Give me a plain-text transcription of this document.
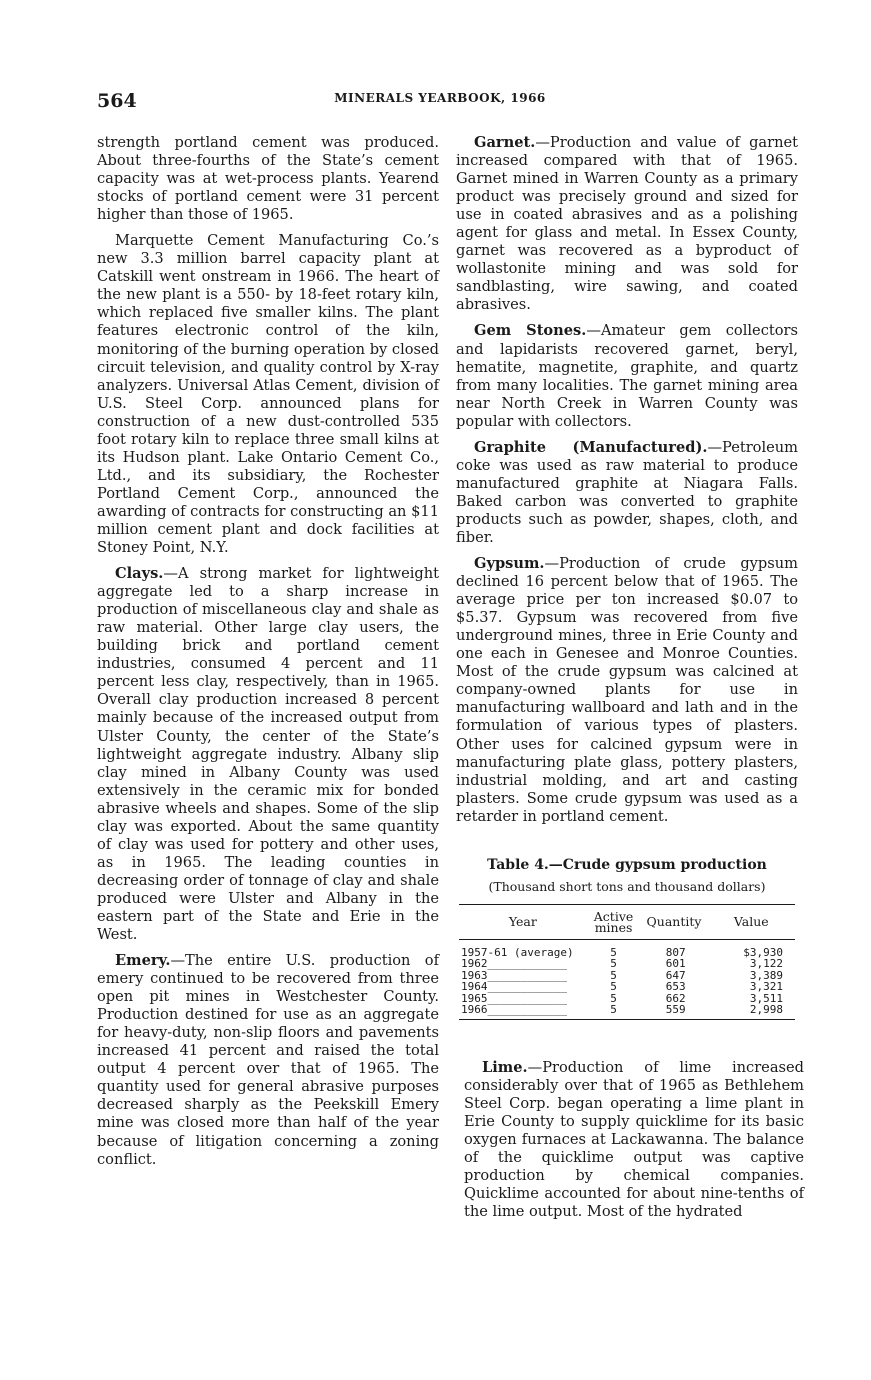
564	MINERALS YEARBOOK, 1966

strength portland cement was produced. About three-fourths of the State’s cement capacity was at wet-process plants. Yearend stocks of portland cement were 31 percent higher than those of 1965.

Marquette Cement Manufacturing Co.’s new 3.3 million barrel capacity plant at Catskill went onstream in 1966. The heart of the new plant is a 550- by 18-feet rotary kiln, which replaced five smaller kilns. The plant features electronic control of the kiln, monitoring of the burning operation by closed circuit television, and quality control by X-ray analyzers. Universal Atlas Cement, division of U.S. Steel Corp. announced plans for construction of a new dust-controlled 535 foot rotary kiln to replace three small kilns at its Hudson plant. Lake Ontario Cement Co., Ltd., and its subsidiary, the Rochester Portland Cement Corp., announced the awarding of contracts for constructing an $11 million cement plant and dock facilities at Stoney Point, N.Y.

Clays.—A strong market for lightweight aggregate led to a sharp increase in production of miscellaneous clay and shale as raw material. Other large clay users, the building brick and portland cement industries, consumed 4 percent and 11 percent less clay, respectively, than in 1965. Overall clay production increased 8 percent mainly because of the increased output from Ulster County, the center of the State’s lightweight aggregate industry. Albany slip clay mined in Albany County was used extensively in the ceramic mix for bonded abrasive wheels and shapes. Some of the slip clay was exported. About the same quantity of clay was used for pottery and other uses, as in 1965. The leading counties in decreasing order of tonnage of clay and shale produced were Ulster and Albany in the eastern part of the State and Erie in the West.

Emery.—The entire U.S. production of emery continued to be recovered from three open pit mines in Westchester County. Production destined for use as an aggregate for heavy-duty, non-slip floors and pavements increased 41 percent and raised the total output 4 percent over that of 1965. The quantity used for general abrasive purposes decreased sharply as the Peekskill Emery mine was closed more than half of the year because of litigation concerning a zoning conflict.

Garnet.—Production and value of garnet increased compared with that of 1965. Garnet mined in Warren County as a primary product was precisely ground and sized for use in coated abrasives and as a polishing agent for glass and metal. In Essex County, garnet was recovered as a byproduct of wollastonite mining and was sold for sandblasting, wire sawing, and coated abrasives.

Gem Stones.—Amateur gem collectors and lapidarists recovered garnet, beryl, hematite, magnetite, graphite, and quartz from many localities. The garnet mining area near North Creek in Warren County was popular with collectors.

Graphite (Manufactured).—Petroleum coke was used as raw material to produce manufactured graphite at Niagara Falls. Baked carbon was converted to graphite products such as powder, shapes, cloth, and fiber.

Gypsum.—Production of crude gypsum declined 16 percent below that of 1965. The average price per ton increased $0.07 to $5.37. Gypsum was recovered from five underground mines, three in Erie County and one each in Genesee and Monroe Counties. Most of the crude gypsum was calcined at company-owned plants for use in manufacturing wallboard and lath and in the formulation of various types of plasters. Other uses for calcined gypsum were in manufacturing plate glass, pottery plasters, industrial molding, and art and casting plasters. Some crude gypsum was used as a retarder in portland cement.

Table 4.—Crude gypsum production
(Thousand short tons and thousand dollars)
Year	Active mines	Quantity	Value
1957-61 (average)	5	807	$3,930
1962____________	5	601	3,122
1963____________	5	647	3,389
1964____________	5	653	3,321
1965____________	5	662	3,511
1966____________	5	559	2,998

Lime.—Production of lime increased considerably over that of 1965 as Bethlehem Steel Corp. began operating a lime plant in Erie County to supply quicklime for its basic oxygen furnaces at Lackawanna. The balance of the quicklime output was captive production by chemical companies. Quicklime accounted for about nine-tenths of the lime output. Most of the hydrated
